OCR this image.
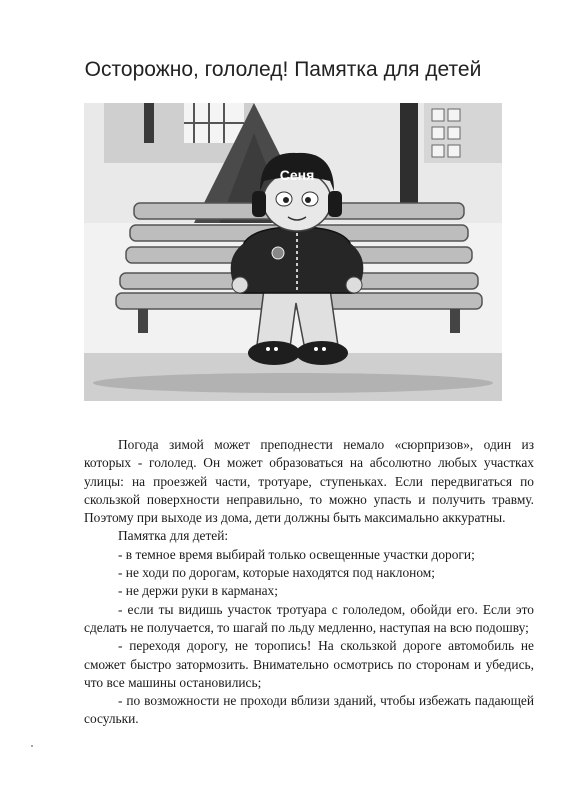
Осторожно, гололед! Памятка для детей
Сеня

Погода зимой может преподнести немало «сюрпризов», один из которых - гололед. Он может образоваться на абсолютно любых участках улицы: на проезжей части, тротуаре, ступеньках. Если передвигаться по скользкой поверхности неправильно, то можно упасть и получить травму. Поэтому при выходе из дома, дети должны быть максимально аккуратны.

Памятка для детей:

- в темное время выбирай только освещенные участки дороги;

- не ходи по дорогам, которые находятся под наклоном;

- не держи руки в карманах;

- если ты видишь участок тротуара с гололедом, обойди его. Если это сделать не получается, то шагай по льду медленно, наступая на всю подошву;

- переходя дорогу, не торопись! На скользкой дороге автомобиль не сможет быстро затормозить. Внимательно осмотрись по сторонам и убедись, что все машины остановились;

- по возможности не проходи вблизи зданий, чтобы избежать падающей сосульки.
